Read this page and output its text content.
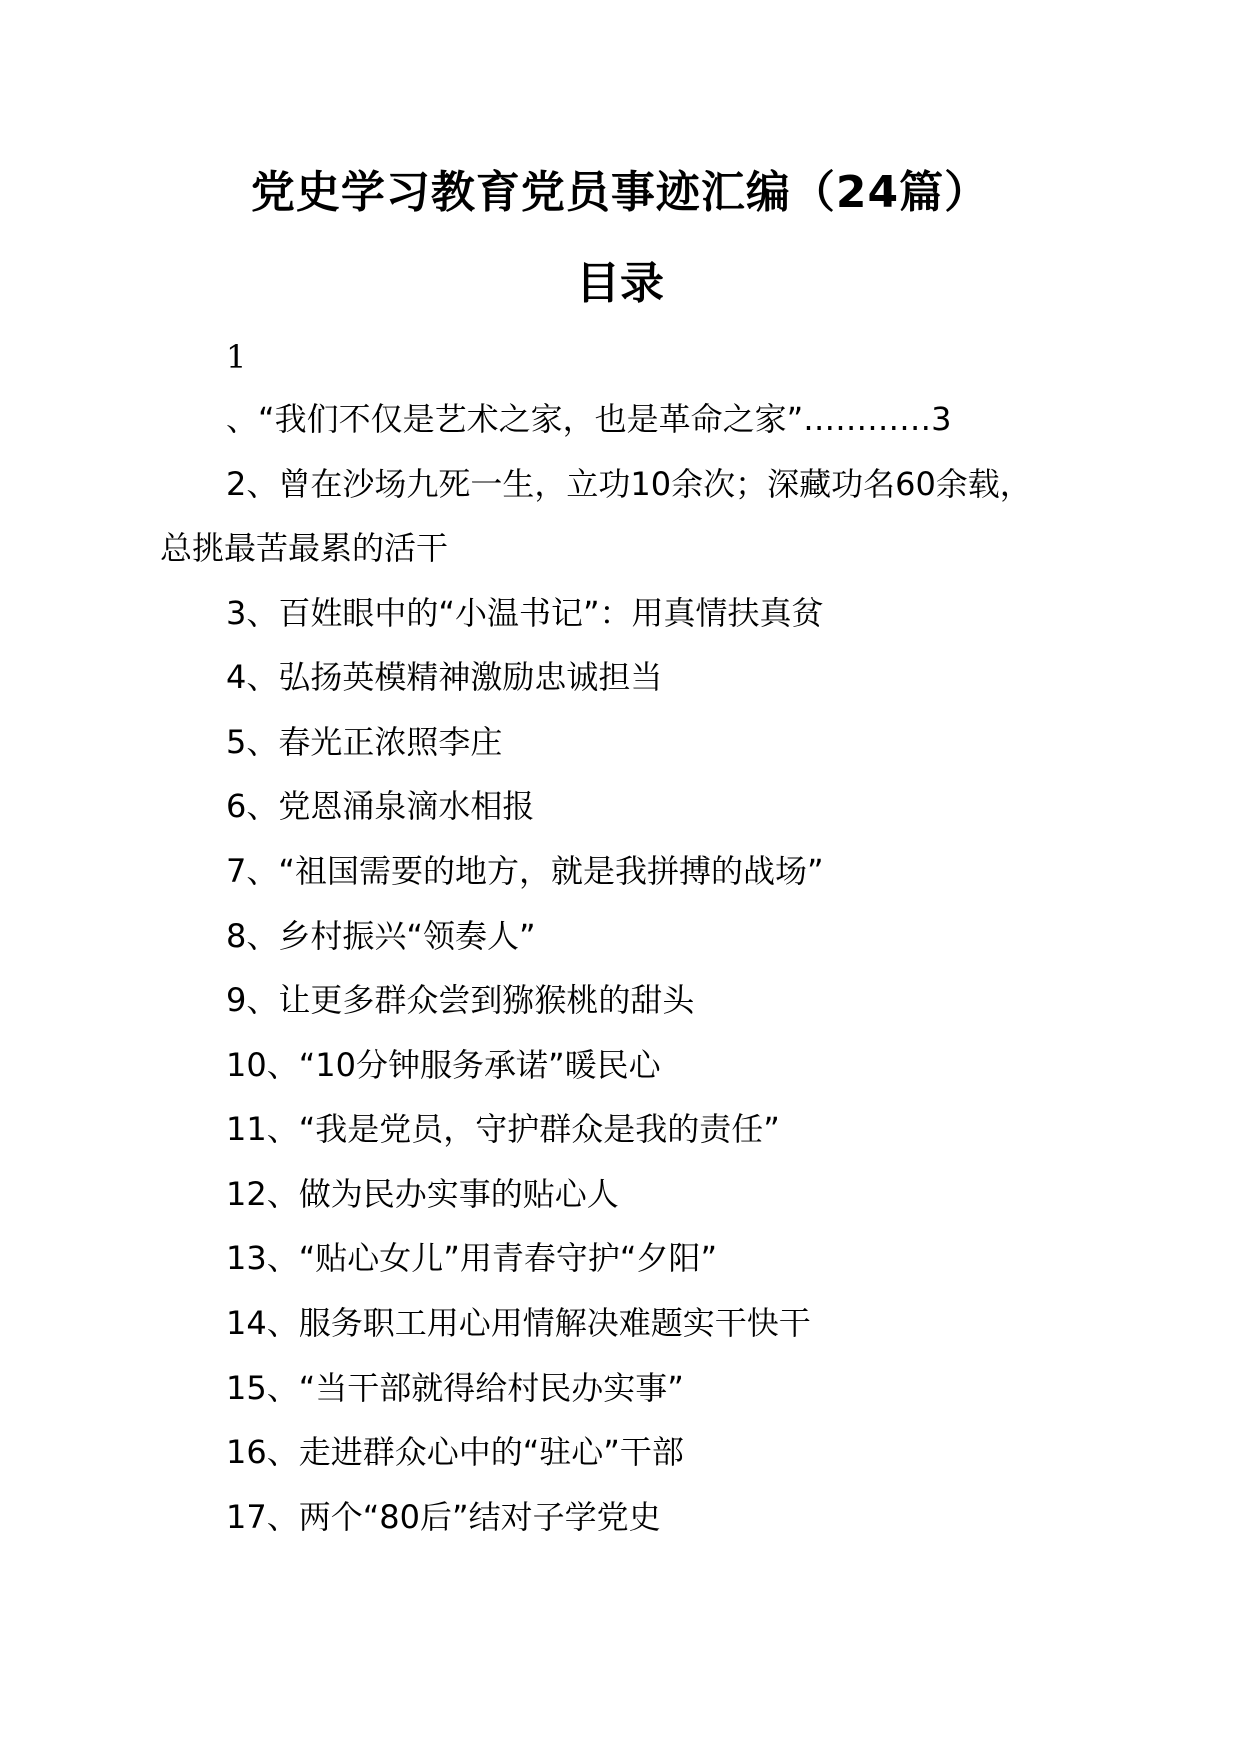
党史学习教育党员事迹汇编（24篇）
目录
1
、“我们不仅是艺术之家，也是革命之家”…………3
2、曾在沙场九死一生，立功10余次；深藏功名60余载，
总挑最苦最累的活干
3、百姓眼中的“小温书记”：用真情扶真贫
4、弘扬英模精神激励忠诚担当
5、春光正浓照李庄
6、党恩涌泉滴水相报
7、“祖国需要的地方，就是我拼搏的战场”
8、乡村振兴“领奏人”
9、让更多群众尝到猕猴桃的甜头
10、“10分钟服务承诺”暖民心
11、“我是党员，守护群众是我的责任”
12、做为民办实事的贴心人
13、“贴心女儿”用青春守护“夕阳”
14、服务职工用心用情解决难题实干快干
15、“当干部就得给村民办实事”
16、走进群众心中的“驻心”干部
17、两个“80后”结对子学党史
